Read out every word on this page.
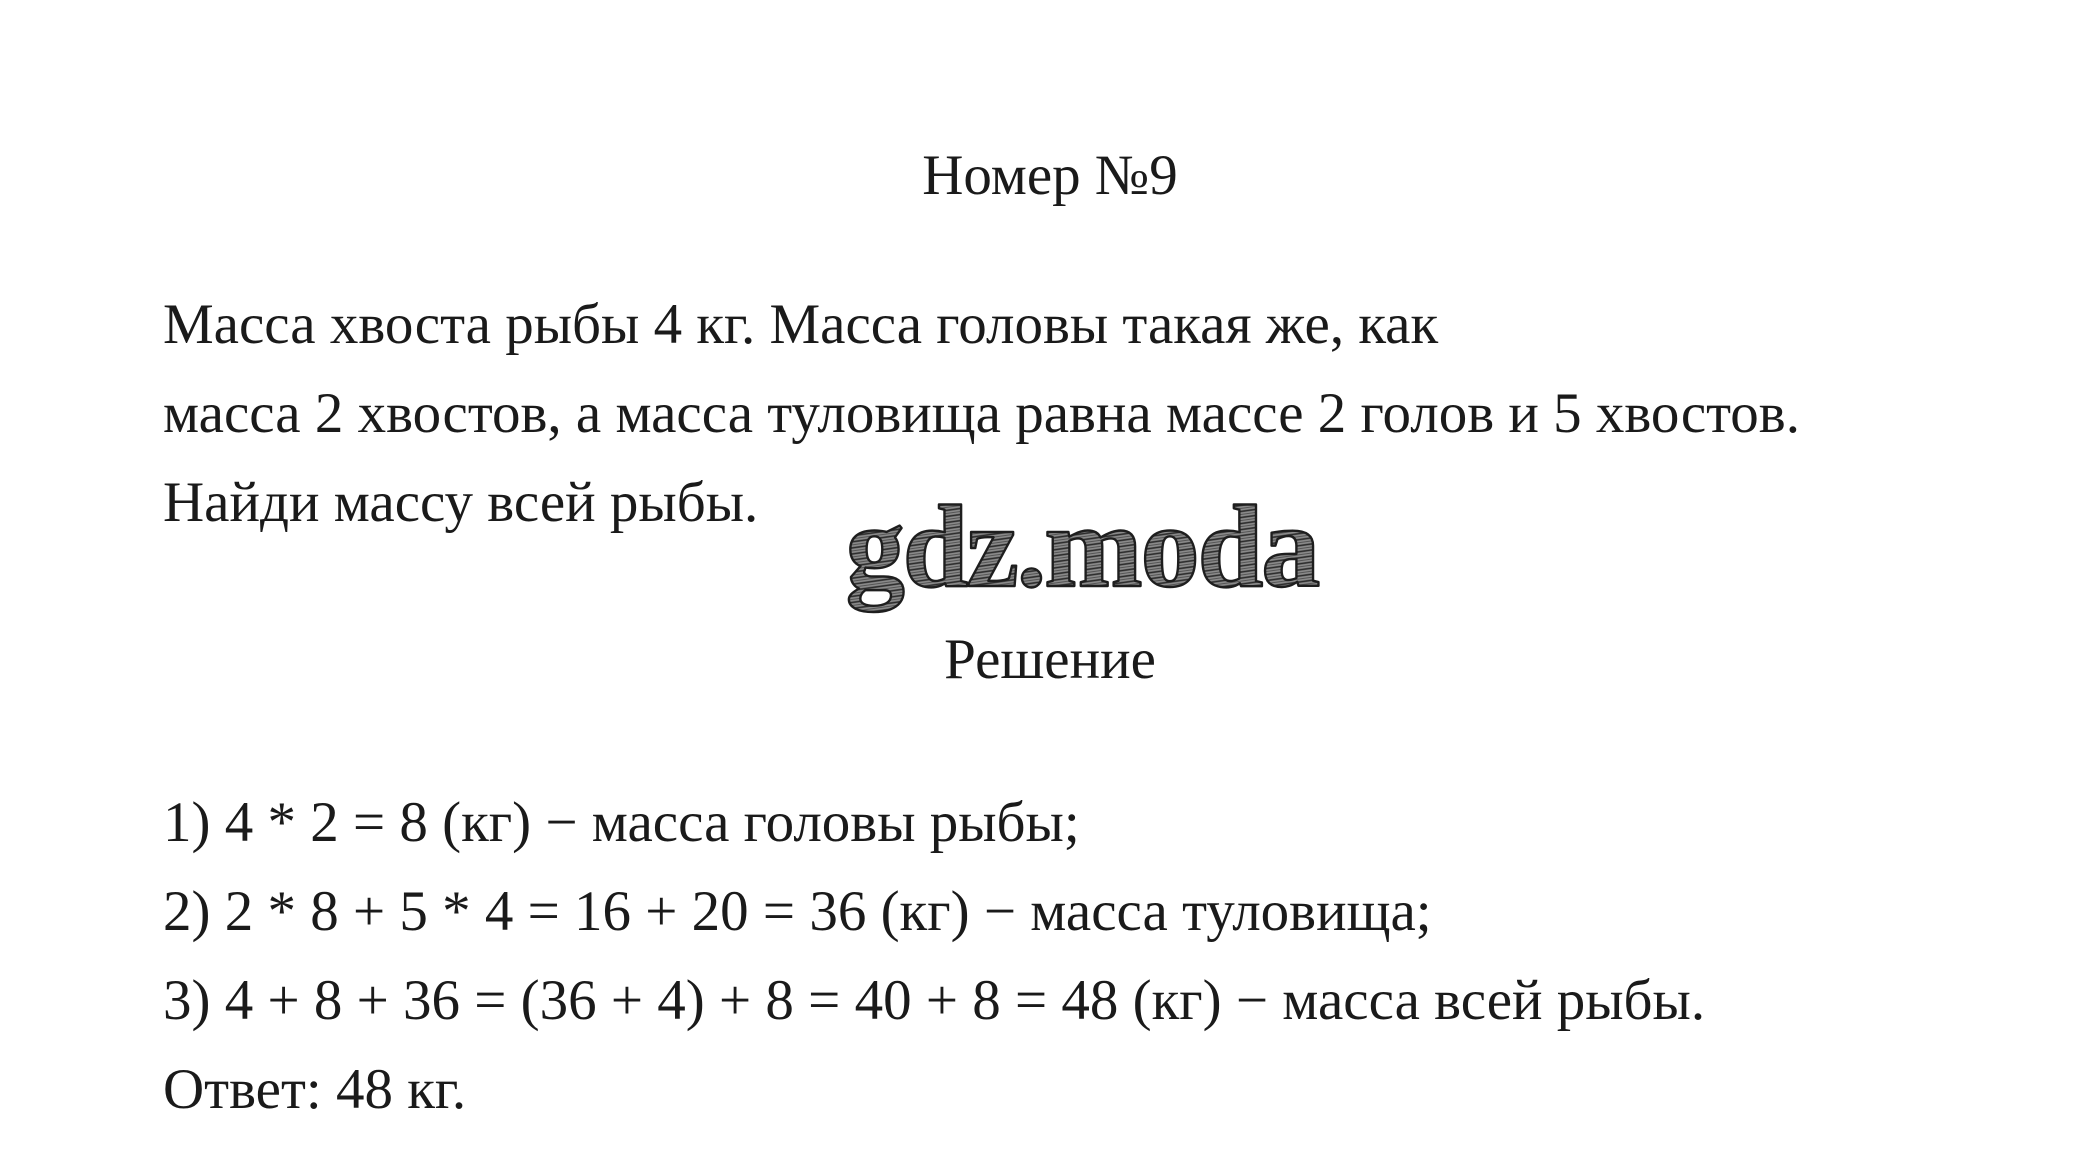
Номер №9
Масса хвоста рыбы 4 кг. Масса головы такая же, как
масса 2 хвостов, а масса туловища равна массе 2 голов и 5 хвостов.
Найди массу всей рыбы. gdz.moda
Решение
1) 4 * 2 = 8 (кг) − масса головы рыбы;
2) 2 * 8 + 5 * 4 = 16 + 20 = 36 (кг) − масса туловища;
3) 4 + 8 + 36 = (36 + 4) + 8 = 40 + 8 = 48 (кг) − масса всей рыбы.
Ответ: 48 кг.
